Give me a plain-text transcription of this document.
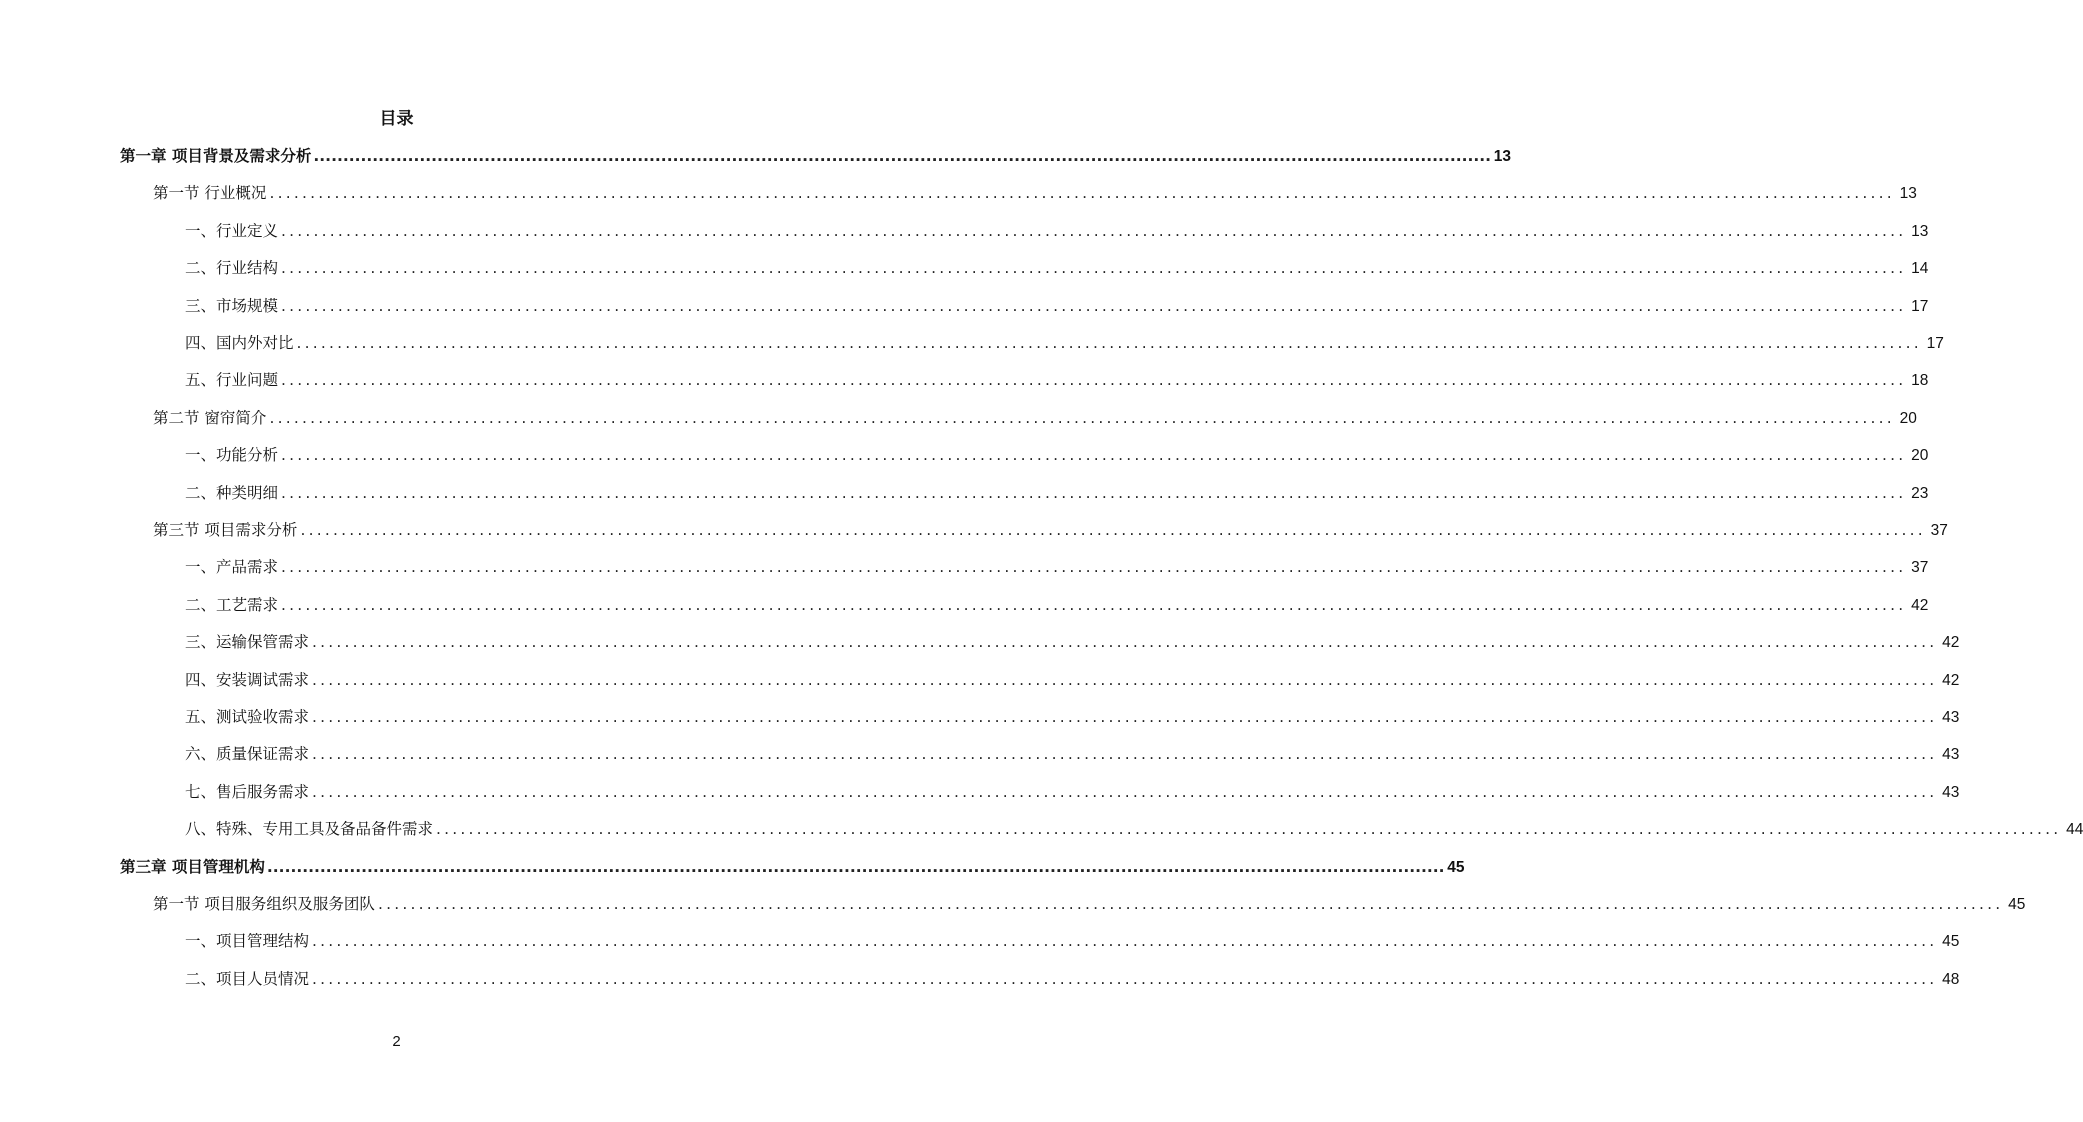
目录
第一章 项目背景及需求分析 ........................................................................................................................................................................................................ 13
第一节 行业概况 ........................................................................................................................................................................................................ 13
一、行业定义 ........................................................................................................................................................................................................ 13
二、行业结构 ........................................................................................................................................................................................................ 14
三、市场规模 ........................................................................................................................................................................................................ 17
四、国内外对比 ........................................................................................................................................................................................................ 17
五、行业问题 ........................................................................................................................................................................................................ 18
第二节 窗帘简介 ........................................................................................................................................................................................................ 20
一、功能分析 ........................................................................................................................................................................................................ 20
二、种类明细 ........................................................................................................................................................................................................ 23
第三节 项目需求分析 ........................................................................................................................................................................................................ 37
一、产品需求 ........................................................................................................................................................................................................ 37
二、工艺需求 ........................................................................................................................................................................................................ 42
三、运输保管需求 ........................................................................................................................................................................................................ 42
四、安装调试需求 ........................................................................................................................................................................................................ 42
五、测试验收需求 ........................................................................................................................................................................................................ 43
六、质量保证需求 ........................................................................................................................................................................................................ 43
七、售后服务需求 ........................................................................................................................................................................................................ 43
八、特殊、专用工具及备品备件需求 ........................................................................................................................................................................................................ 44
第三章 项目管理机构 ........................................................................................................................................................................................................ 45
第一节 项目服务组织及服务团队 ........................................................................................................................................................................................................ 45
一、项目管理结构 ........................................................................................................................................................................................................ 45
二、项目人员情况 ........................................................................................................................................................................................................ 48
2
